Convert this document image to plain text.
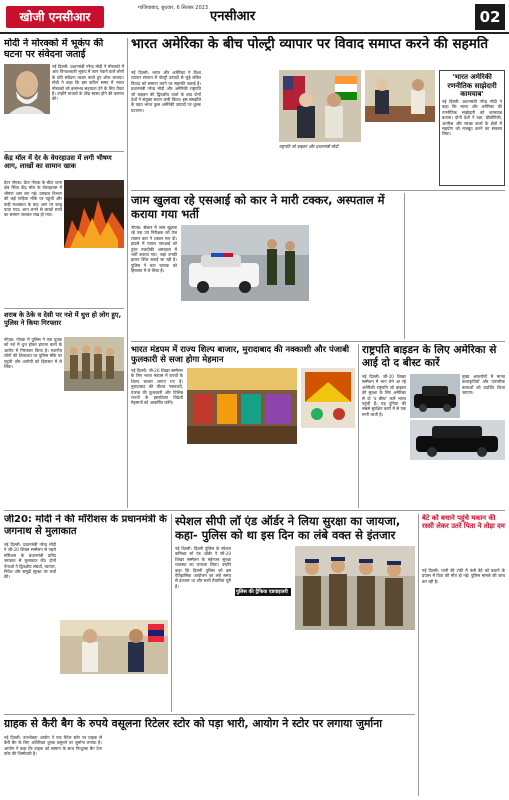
खोजी एनसीआर
गाजियाबाद, बुधवार, 6 सितंबर 2023
एनसीआर	02
मोदी ने मोरक्को में भूकंप की घटना पर संवेदना जताई
नई दिल्ली: प्रधानमंत्री नरेन्द्र मोदी ने मोरक्को में आए विनाशकारी भूकंप में जान गंवाने वाले लोगों के प्रति संवेदना व्यक्त करते हुए शोक जताया। मोदी ने कहा कि इस कठिन समय में भारत मोरक्को को हरसंभव सहायता देने के लिए तैयार है। उन्होंने घायलों के शीघ्र स्वस्थ होने की कामना की।
केंद्र मॉल में देर के वेयरहाउस में लगी भीषण आग, लाखों का सामान खाक
ग्रेटर नोएडा: ग्रेटर नोएडा के बीटा थाना क्षेत्र स्थित केंद्र मॉल के वेयरहाउस में भीषण आग लग गई। दमकल विभाग की कई गाड़ियां मौके पर पहुंचीं और कड़ी मशक्कत के बाद आग पर काबू पाया गया। आग लगने से लाखों रुपये का सामान जलकर राख हो गया।
शराब के ठेके व देसी पर नशे में धुत्त हो लोग हुए, पुलिस ने किया गिरफ्तार
नोएडा: नोएडा में पुलिस ने एक युवक को नशे में धुत्त होकर हंगामा करने के आरोप में गिरफ्तार किया है। स्थानीय लोगों की शिकायत पर पुलिस मौके पर पहुंची और आरोपी को हिरासत में ले लिया।
भारत अमेरिका के बीच पोल्ट्री व्यापार पर विवाद समाप्त करने की सहमति
नई दिल्ली: भारत और अमेरिका ने विश्व व्यापार संगठन में पोल्ट्री उत्पादों से जुड़े लंबित विवाद को समाप्त करने पर सहमति जताई है। प्रधानमंत्री नरेन्द्र मोदी और अमेरिकी राष्ट्रपति जो बाइडन की द्विपक्षीय वार्ता के बाद दोनों देशों ने संयुक्त बयान जारी किया। इस समझौते के तहत भारत कुछ अमेरिकी उत्पादों पर शुल्क घटाएगा।
राष्ट्रपति जो बाइडन और प्रधानमंत्री मोदी
'भारत अमेरिकी रणनीतिक साझेदारी कामयाब'
नई दिल्ली: प्रधानमंत्री नरेन्द्र मोदी ने कहा कि भारत और अमेरिका की रणनीतिक साझेदारी को कामयाब बताया। दोनों देशों ने रक्षा, प्रौद्योगिकी, अंतरिक्ष और स्वच्छ ऊर्जा के क्षेत्रों में सहयोग को मजबूत करने का संकल्प लिया।
जाम खुलवा रहे एसआई को कार ने मारी टक्कर, अस्पताल में कराया गया भर्ती
नोएडा: सेक्टर में जाम खुलवा रहे एक उप निरीक्षक को तेज रफ्तार कार ने टक्कर मार दी। हादसे में घायल एसआई को तुरंत नजदीकी अस्पताल में भर्ती कराया गया, जहां उनकी हालत स्थिर बताई जा रही है। पुलिस ने कार चालक को हिरासत में ले लिया है।
भारत मंडपम में राज्य शिल्प बाजार, मुरादाबाद की नक्काशी और पंजाबी फुलकारी से सजा होगा मेहमान
नई दिल्ली: जी-20 शिखर सम्मेलन के लिए भारत मंडपम में राज्यों के शिल्प बाजार लगाए गए हैं। मुरादाबाद की पीतल नक्काशी, पंजाब की फुलकारी और विभिन्न राज्यों के हस्तशिल्प विदेशी मेहमानों को आकर्षित करेंगे।
राष्ट्रपति बाइडन के लिए अमेरिका से आई दो द बीस्ट कारें
नई दिल्ली: जी-20 शिखर सम्मेलन में भाग लेने आ रहे अमेरिकी राष्ट्रपति जो बाइडन की सुरक्षा के लिए अमेरिका से दो 'द बीस्ट' कारें भारत पहुंची हैं। यह दुनिया की सबसे सुरक्षित कारों में से एक मानी जाती है।
मुख्य आकर्षणों में मानव कलाकृतियों और पारंपरिक कलाओं को प्रदर्शित किया जाएगा।
जी20: मोदी ने की मॉरीशस के प्रधानमंत्री के जगनाथ से मुलाकात
नई दिल्ली: प्रधानमंत्री नरेन्द्र मोदी ने जी-20 शिखर सम्मेलन से पहले मॉरीशस के प्रधानमंत्री प्रविंद जगन्नाथ से मुलाकात की। दोनों नेताओं ने द्विपक्षीय संबंधों, व्यापार, निवेश और समुद्री सुरक्षा पर चर्चा की।
स्पेशल सीपी लॉ एंड ऑर्डर ने लिया सुरक्षा का जायजा, कहा- पुलिस को था इस दिन का लंबे वक्त से इंतजार
नई दिल्ली: दिल्ली पुलिस के स्पेशल कमिश्नर लॉ एंड ऑर्डर ने जी-20 शिखर सम्मेलन के मद्देनजर सुरक्षा व्यवस्था का जायजा लिया। उन्होंने कहा कि दिल्ली पुलिस को इस ऐतिहासिक आयोजन का लंबे समय से इंतजार था और सभी तैयारियां पूरी हैं।
पुलिस की ट्रैफिक एडवाइजरी
बेटे को बचाने पहुंचे मकान की रस्सी लेकर उतरे पिता ने तोड़ा दम
नई दिल्ली: पानी की टंकी में फंसे बेटे को बचाने के प्रयास में पिता की मौत हो गई। पुलिस मामले की जांच कर रही है।
ग्राहक से कैरी बैग के रुपये वसूलना रिटेलर स्टोर को पड़ा भारी, आयोग ने स्टोर पर लगाया जुर्माना
नई दिल्ली: उपभोक्ता आयोग ने एक रिटेल स्टोर पर ग्राहक से कैरी बैग के लिए अतिरिक्त शुल्क वसूलने पर जुर्माना लगाया है। आयोग ने कहा कि ग्राहक को सामान के साथ निःशुल्क बैग देना स्टोर की जिम्मेदारी है।
